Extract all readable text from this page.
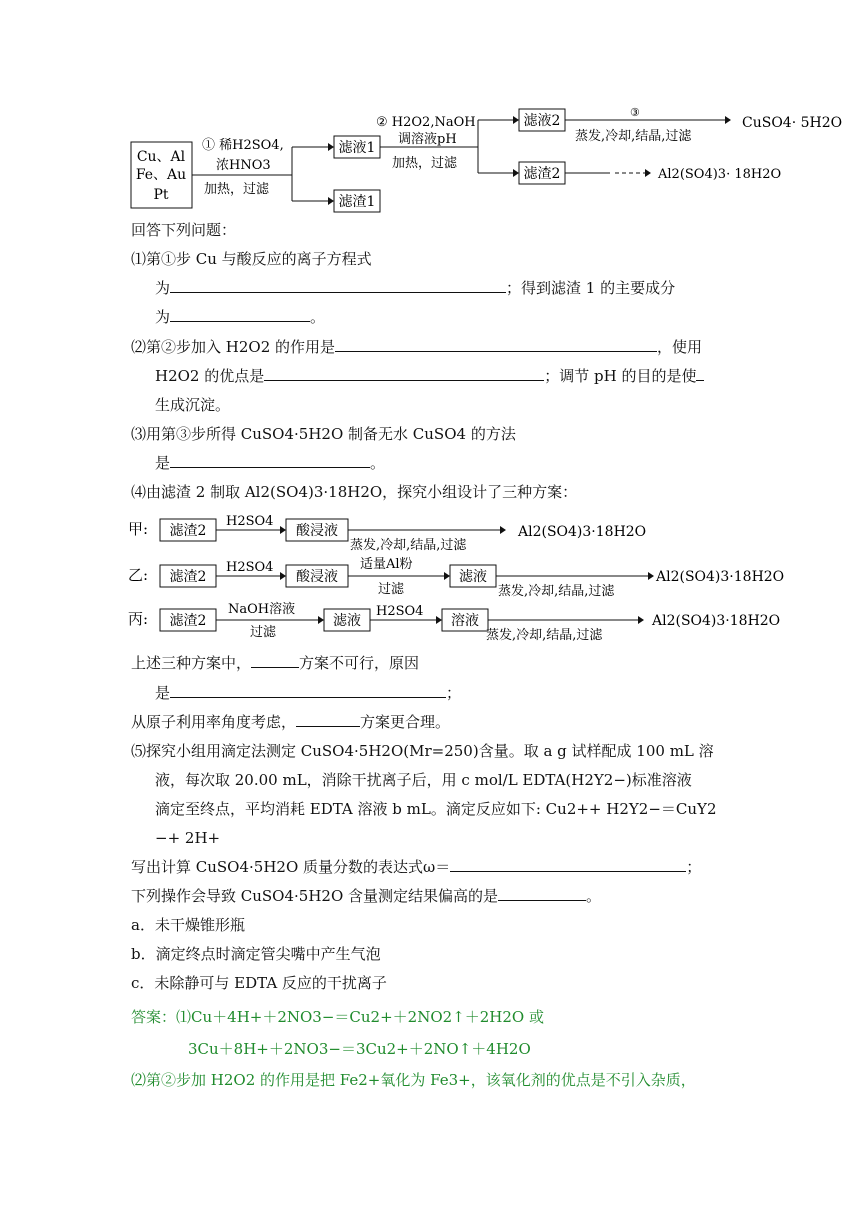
Cu、Al
Fe、Au
Pt
① 稀H2SO4,
浓HNO3
加热，过滤
滤液1
滤渣1
② H2O2,NaOH
调溶液pH
加热，过滤
滤液2
滤渣2
③
蒸发,冷却,结晶,过滤
CuSO4· 5H2O
Al2(SO4)3· 18H2O
回答下列问题：
⑴第①步 Cu 与酸反应的离子方程式
为	；得到滤渣 1 的主要成分
为	。
⑵第②步加入 H2O2 的作用是	，使用
H2O2 的优点是	；调节 pH 的目的是使
生成沉淀。
⑶用第③步所得 CuSO4·5H2O 制备无水 CuSO4 的方法
是	。
⑷由滤渣 2 制取 Al2(SO4)3·18H2O，探究小组设计了三种方案：
甲: 滤渣2
H2SO4
酸浸液
蒸发,冷却,结晶,过滤
Al2(SO4)3·18H2O
乙: 滤渣2
H2SO4
酸浸液
适量Al粉
过滤
滤液
蒸发,冷却,结晶,过滤
Al2(SO4)3·18H2O
丙: 滤渣2
NaOH溶液
过滤
滤液
H2SO4
溶液
蒸发,冷却,结晶,过滤
Al2(SO4)3·18H2O
上述三种方案中，	方案不可行，原因
是	；
从原子利用率角度考虑，	方案更合理。
⑸探究小组用滴定法测定 CuSO4·5H2O(Mr=250)含量。取 a g 试样配成 100 mL 溶
液，每次取 20.00 mL，消除干扰离子后，用 c mol/L EDTA(H2Y2−)标准溶液
滴定至终点，平均消耗 EDTA 溶液 b mL。滴定反应如下: Cu2++ H2Y2−＝CuY2
−+ 2H+
写出计算 CuSO4·5H2O 质量分数的表达式ω＝	；
下列操作会导致 CuSO4·5H2O 含量测定结果偏高的是	。
a．未干燥锥形瓶
b．滴定终点时滴定管尖嘴中产生气泡
c．未除静可与 EDTA 反应的干扰离子
答案：⑴Cu＋4H+＋2NO3−＝Cu2+＋2NO2↑＋2H2O 或
3Cu＋8H+＋2NO3−＝3Cu2+＋2NO↑＋4H2O
⑵第②步加 H2O2 的作用是把 Fe2+氧化为 Fe3+，该氧化剂的优点是不引入杂质，
